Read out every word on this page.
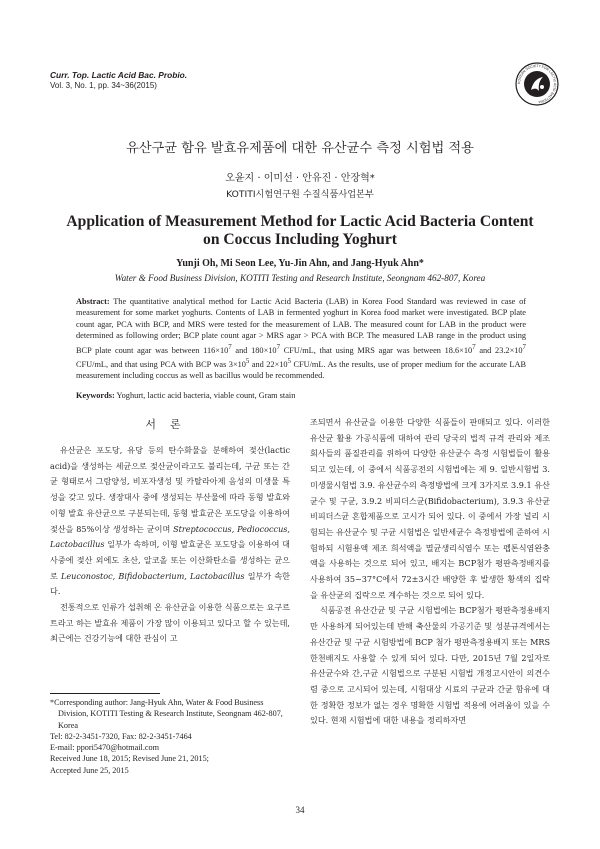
Curr. Top. Lactic Acid Bac. Probio.
Vol. 3, No. 1, pp. 34~36(2015)	KOREAN SOCIETY FOR LACTIC ACID BACTERIA
유산구균 함유 발효유제품에 대한 유산균수 측정 시험법 적용
오윤지 · 이미선 · 안유진 · 안장혁*
KOTITI시험연구원 수질식품사업본부
Application of Measurement Method for Lactic Acid Bacteria Content
on Coccus Including Yoghurt
Yunji Oh, Mi Seon Lee, Yu-Jin Ahn, and Jang-Hyuk Ahn*
Water & Food Business Division, KOTITI Testing and Research Institute, Seongnam 462-807, Korea
Abstract: The quantitative analytical method for Lactic Acid Bacteria (LAB) in Korea Food Standard was reviewed in case of measurement for some market yoghurts. Contents of LAB in fermented yoghurt in Korea food market were investigated. BCP plate count agar, PCA with BCP, and MRS were tested for the measurement of LAB. The measured count for LAB in the product were determined as following order; BCP plate count agar > MRS agar > PCA with BCP. The measured LAB range in the product using BCP plate count agar was between $116\times 10^7$ and $180\times 10^7$ CFU/mL, that using MRS agar was between $18.6\times 10^7$ and $23.2\times 10^7$ CFU/mL, and that using PCA with BCP was $3\times 10^5$ and $22\times 10^5$ CFU/mL. As the results, use of proper medium for the accurate LAB measurement including coccus as well as bacillus would be recommended.
Keywords: Yoghurt, lactic acid bacteria, viable count, Gram stain
서론

유산균은 포도당, 유당 등의 탄수화물을 분해하여 젖산(lactic acid)을 생성하는 세균으로 젖산균이라고도 불리는데, 구균 또는 간균 형태로서 그람양성, 비포자생성 및 카탈라아제 음성의 미생물 특성을 갖고 있다. 생장대사 중에 생성되는 부산물에 따라 동형 발효와 이형 발효 유산균으로 구분되는데, 동형 발효균은 포도당을 이용하여 젖산을 85%이상 생성하는 균이며 Streptococcus, Pediococcus, Lactobacillus 일부가 속하며, 이형 발효균은 포도당을 이용하여 대사중에 젖산 외에도 초산, 알코올 또는 이산화탄소를 생성하는 균으로 Leuconostoc, Bifidobacterium, Lactobacillus 일부가 속한다.

전통적으로 인류가 섭취해 온 유산균을 이용한 식품으로는 요구르트라고 하는 발효유 제품이 가장 많이 이용되고 있다고 할 수 있는데, 최근에는 건강기능에 대한 관심이 고

조되면서 유산균을 이용한 다양한 식품들이 판매되고 있다. 이러한 유산균 활용 가공식품에 대하여 관리 당국의 법적 규격 관리와 제조회사들의 품질관리를 위하여 다양한 유산균수 측정 시험법들이 활용되고 있는데, 이 중에서 식품공전의 시험법에는 제 9. 일반시험법 3. 미생물시험법 3.9. 유산균수의 측정방법에 크게 3가지로 3.9.1 유산균수 및 구균, 3.9.2 비피더스균(Bifidobacterium), 3.9.3 유산균비피더스균 혼합제품으로 고시가 되어 있다. 이 중에서 가장 널리 시험되는 유산균수 및 구균 시험법은 일반세균수 측정방법에 준하여 시험하되 시험용액 제조 희석액을 멸균생리식염수 또는 펩톤식염완충액을 사용하는 것으로 되어 있고, 배지는 BCP첨가 평판측정배지를 사용하여 35~37°C에서 72±3시간 배양한 후 발생한 황색의 집락을 유산균의 집락으로 계수하는 것으로 되어 있다.

식품공전 유산간균 및 구균 시험법에는 BCP첨가 평판측정용배지만 사용하게 되어있는데 반해 축산물의 가공기준 및 성분규격에서는 유산간균 및 구균 시험방법에 BCP 첨가 평판측정용배지 또는 MRS한천배지도 사용할 수 있게 되어 있다. 다만, 2015년 7월 2일자로 유산균수와 간,구균 시험법으로 구분된 시험법 개정고시안이 의견수렴 중으로 고시되어 있는데, 시험대상 시료의 구균과 간균 함유에 대한 정확한 정보가 없는 경우 명확한 시험법 적용에 어려움이 있을 수 있다. 현재 시험법에 대한 내용을 정리하자면

*Corresponding author: Jang-Hyuk Ahn, Water & Food Business Division, KOTITI Testing & Research Institute, Seongnam 462-807, Korea
Tel: 82-2-3451-7320, Fax: 82-2-3451-7464
E-mail: ppori5470@hotmail.com
Received June 18, 2015; Revised June 21, 2015;
Accepted June 25, 2015
34
